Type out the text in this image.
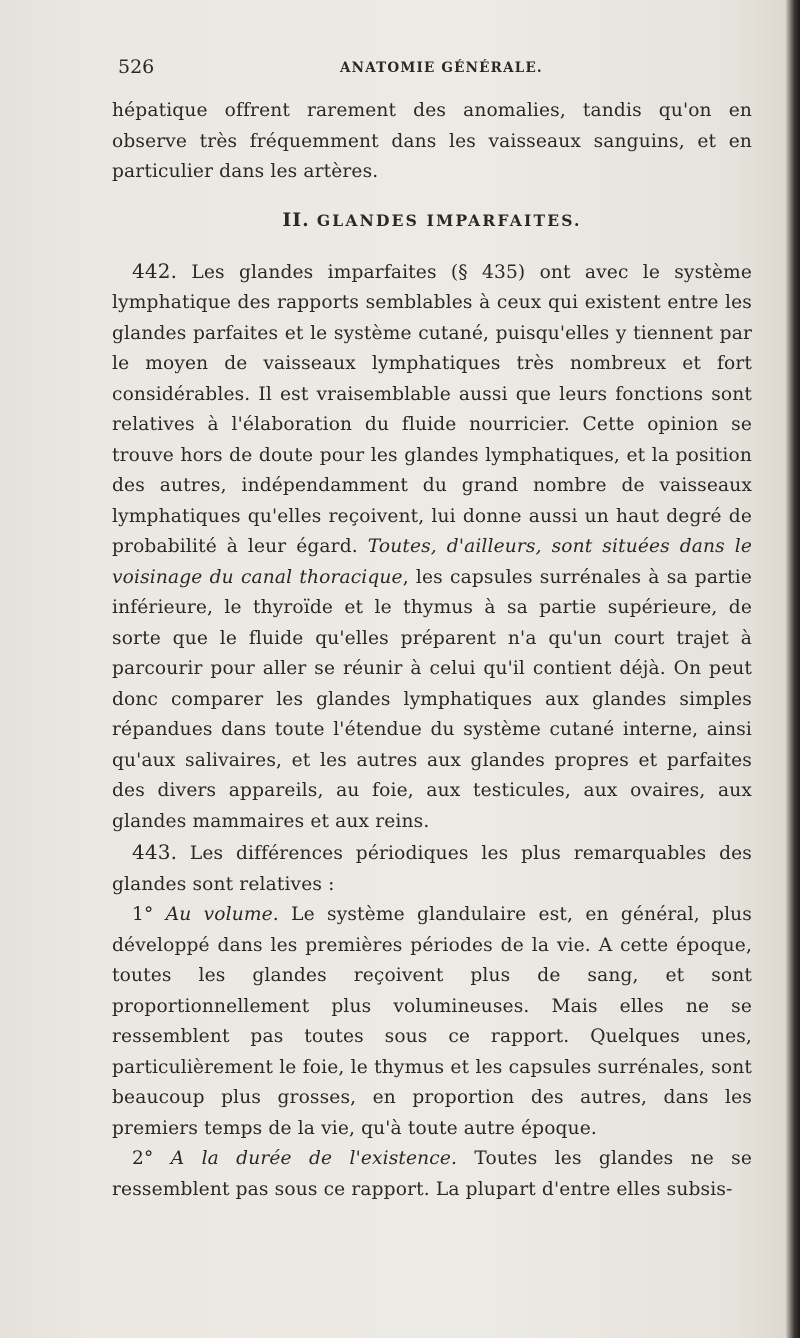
526	ANATOMIE GÉNÉRALE.

hépatique offrent rarement des anomalies, tandis qu'on en observe très fréquemment dans les vaisseaux sanguins, et en particulier dans les artères.

II. GLANDES IMPARFAITES.

442. Les glandes imparfaites (§ 435) ont avec le système lymphatique des rapports semblables à ceux qui existent entre les glandes parfaites et le système cutané, puisqu'elles y tiennent par le moyen de vaisseaux lymphatiques très nombreux et fort considérables. Il est vraisemblable aussi que leurs fonctions sont relatives à l'élaboration du fluide nourricier. Cette opinion se trouve hors de doute pour les glandes lymphatiques, et la position des autres, indépendamment du grand nombre de vaisseaux lymphatiques qu'elles reçoivent, lui donne aussi un haut degré de probabilité à leur égard. Toutes, d'ailleurs, sont situées dans le voisinage du canal thoracique, les capsules surrénales à sa partie inférieure, le thyroïde et le thymus à sa partie supérieure, de sorte que le fluide qu'elles préparent n'a qu'un court trajet à parcourir pour aller se réunir à celui qu'il contient déjà. On peut donc comparer les glandes lymphatiques aux glandes simples répandues dans toute l'étendue du système cutané interne, ainsi qu'aux salivaires, et les autres aux glandes propres et parfaites des divers appareils, au foie, aux testicules, aux ovaires, aux glandes mammaires et aux reins.

443. Les différences périodiques les plus remarquables des glandes sont relatives :

1° Au volume. Le système glandulaire est, en général, plus développé dans les premières périodes de la vie. A cette époque, toutes les glandes reçoivent plus de sang, et sont proportionnellement plus volumineuses. Mais elles ne se ressemblent pas toutes sous ce rapport. Quelques unes, particulièrement le foie, le thymus et les capsules surrénales, sont beaucoup plus grosses, en proportion des autres, dans les premiers temps de la vie, qu'à toute autre époque.

2° A la durée de l'existence. Toutes les glandes ne se ressemblent pas sous ce rapport. La plupart d'entre elles subsis-
